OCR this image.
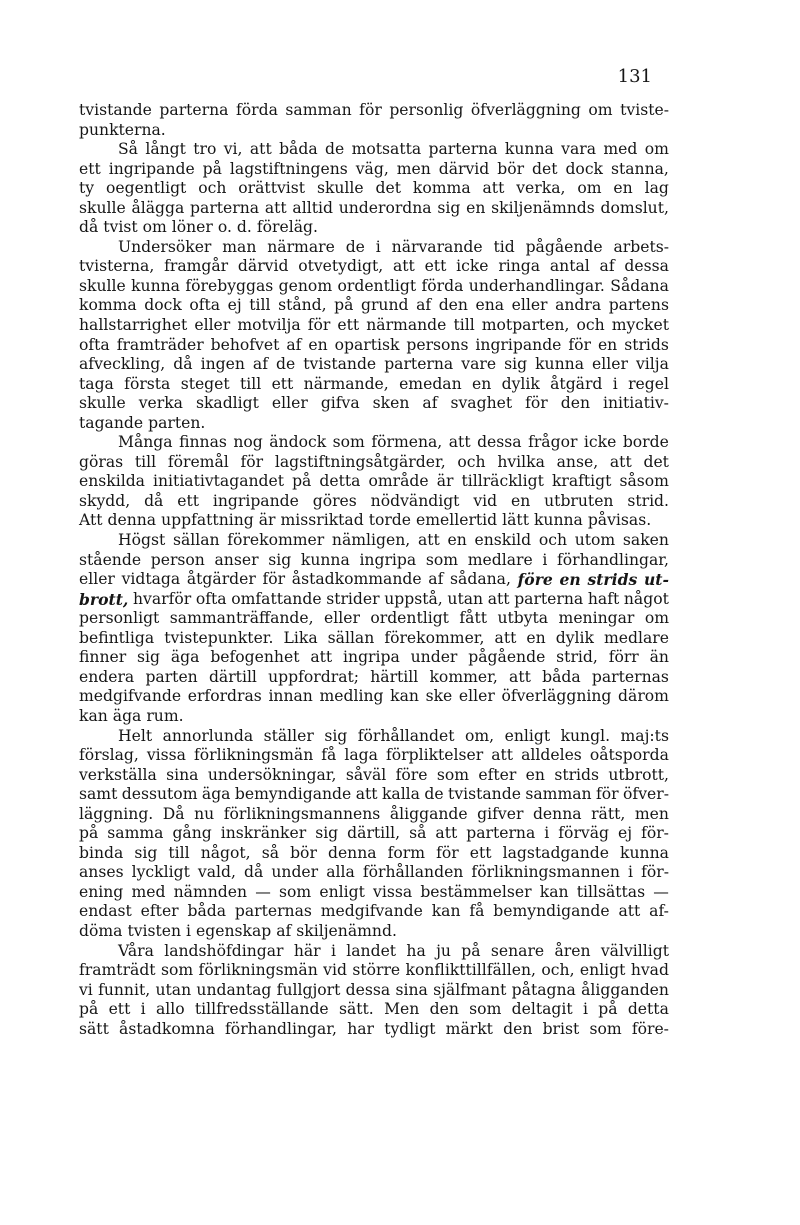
131
tvistande parterna förda samman för personlig öfverläggning om tviste-
punkterna.
Så långt tro vi, att båda de motsatta parterna kunna vara med om
ett ingripande på lagstiftningens väg, men därvid bör det dock stanna,
ty oegentligt och orättvist skulle det komma att verka, om en lag
skulle ålägga parterna att alltid underordna sig en skiljenämnds domslut,
då tvist om löner o. d. föreläg.
Undersöker man närmare de i närvarande tid pågående arbets-
tvisterna, framgår därvid otvetydigt, att ett icke ringa antal af dessa
skulle kunna förebyggas genom ordentligt förda underhandlingar. Sådana
komma dock ofta ej till stånd, på grund af den ena eller andra partens
hallstarrighet eller motvilja för ett närmande till motparten, och mycket
ofta framträder behofvet af en opartisk persons ingripande för en strids
afveckling, då ingen af de tvistande parterna vare sig kunna eller vilja
taga första steget till ett närmande, emedan en dylik åtgärd i regel
skulle verka skadligt eller gifva sken af svaghet för den initiativ-
tagande parten.
Många finnas nog ändock som förmena, att dessa frågor icke borde
göras till föremål för lagstiftningsåtgärder, och hvilka anse, att det
enskilda initiativtagandet på detta område är tillräckligt kraftigt såsom
skydd, då ett ingripande göres nödvändigt vid en utbruten strid.
Att denna uppfattning är missriktad torde emellertid lätt kunna påvisas.
Högst sällan förekommer nämligen, att en enskild och utom saken
stående person anser sig kunna ingripa som medlare i förhandlingar,
eller vidtaga åtgärder för åstadkommande af sådana, före en strids ut-
brott, hvarför ofta omfattande strider uppstå, utan att parterna haft något
personligt sammanträffande, eller ordentligt fått utbyta meningar om
befintliga tvistepunkter. Lika sällan förekommer, att en dylik medlare
finner sig äga befogenhet att ingripa under pågående strid, förr än
endera parten därtill uppfordrat; härtill kommer, att båda parternas
medgifvande erfordras innan medling kan ske eller öfverläggning därom
kan äga rum.
Helt annorlunda ställer sig förhållandet om, enligt kungl. maj:ts
förslag, vissa förlikningsmän få laga förpliktelser att alldeles oåtsporda
verkställa sina undersökningar, såväl före som efter en strids utbrott,
samt dessutom äga bemyndigande att kalla de tvistande samman för öfver-
läggning. Då nu förlikningsmannens åliggande gifver denna rätt, men
på samma gång inskränker sig därtill, så att parterna i förväg ej för-
binda sig till något, så bör denna form för ett lagstadgande kunna
anses lyckligt vald, då under alla förhållanden förlikningsmannen i för-
ening med nämnden — som enligt vissa bestämmelser kan tillsättas —
endast efter båda parternas medgifvande kan få bemyndigande att af-
döma tvisten i egenskap af skiljenämnd.
Våra landshöfdingar här i landet ha ju på senare åren välvilligt
framträdt som förlikningsmän vid större konflikttillfällen, och, enligt hvad
vi funnit, utan undantag fullgjort dessa sina själfmant påtagna åligganden
på ett i allo tillfredsställande sätt. Men den som deltagit i på detta
sätt åstadkomna förhandlingar, har tydligt märkt den brist som före-
